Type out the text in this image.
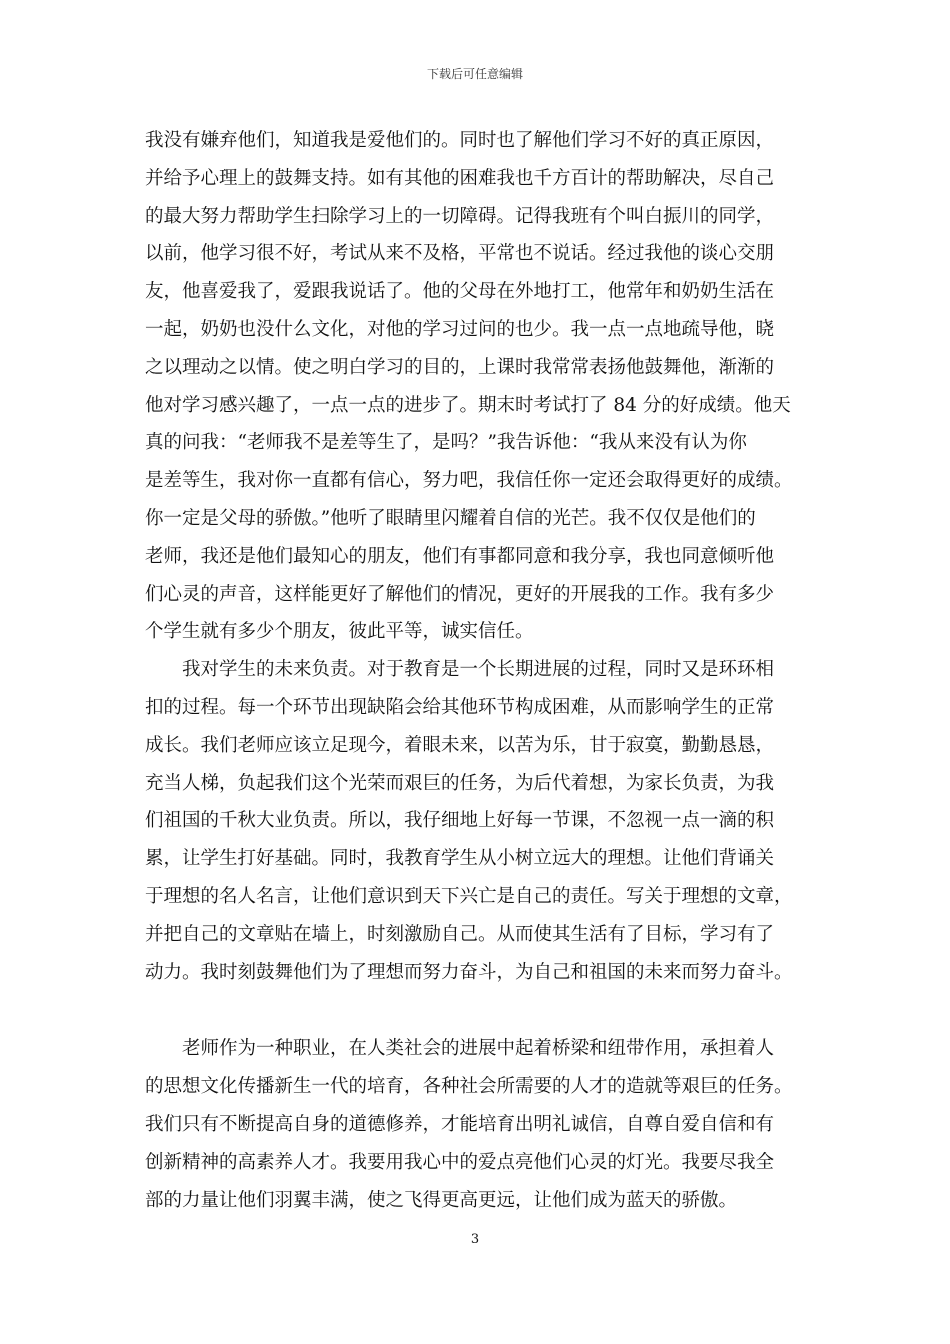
下载后可任意编辑
我没有嫌弃他们，知道我是爱他们的。同时也了解他们学习不好的真正原因，
并给予心理上的鼓舞支持。如有其他的困难我也千方百计的帮助解决，尽自己
的最大努力帮助学生扫除学习上的一切障碍。记得我班有个叫白振川的同学，
以前，他学习很不好，考试从来不及格，平常也不说话。经过我他的谈心交朋
友，他喜爱我了，爱跟我说话了。他的父母在外地打工，他常年和奶奶生活在
一起，奶奶也没什么文化，对他的学习过问的也少。我一点一点地疏导他，晓
之以理动之以情。使之明白学习的目的，上课时我常常表扬他鼓舞他，渐渐的
他对学习感兴趣了，一点一点的进步了。期末时考试打了 84 分的好成绩。他天
真的问我：“老师我不是差等生了，是吗？”我告诉他：“我从来没有认为你
是差等生，我对你一直都有信心，努力吧，我信任你一定还会取得更好的成绩。
你一定是父母的骄傲。”他听了眼睛里闪耀着自信的光芒。我不仅仅是他们的
老师，我还是他们最知心的朋友，他们有事都同意和我分享，我也同意倾听他
们心灵的声音，这样能更好了解他们的情况，更好的开展我的工作。我有多少
个学生就有多少个朋友，彼此平等，诚实信任。
我对学生的未来负责。对于教育是一个长期进展的过程，同时又是环环相
扣的过程。每一个环节出现缺陷会给其他环节构成困难，从而影响学生的正常
成长。我们老师应该立足现今，着眼未来，以苦为乐，甘于寂寞，勤勤恳恳，
充当人梯，负起我们这个光荣而艰巨的任务，为后代着想，为家长负责，为我
们祖国的千秋大业负责。所以，我仔细地上好每一节课，不忽视一点一滴的积
累，让学生打好基础。同时，我教育学生从小树立远大的理想。让他们背诵关
于理想的名人名言，让他们意识到天下兴亡是自己的责任。写关于理想的文章，
并把自己的文章贴在墙上，时刻激励自己。从而使其生活有了目标，学习有了
动力。我时刻鼓舞他们为了理想而努力奋斗，为自己和祖国的未来而努力奋斗。
老师作为一种职业，在人类社会的进展中起着桥梁和纽带作用，承担着人
的思想文化传播新生一代的培育，各种社会所需要的人才的造就等艰巨的任务。
我们只有不断提高自身的道德修养，才能培育出明礼诚信，自尊自爱自信和有
创新精神的高素养人才。我要用我心中的爱点亮他们心灵的灯光。我要尽我全
部的力量让他们羽翼丰满，使之飞得更高更远，让他们成为蓝天的骄傲。
3
